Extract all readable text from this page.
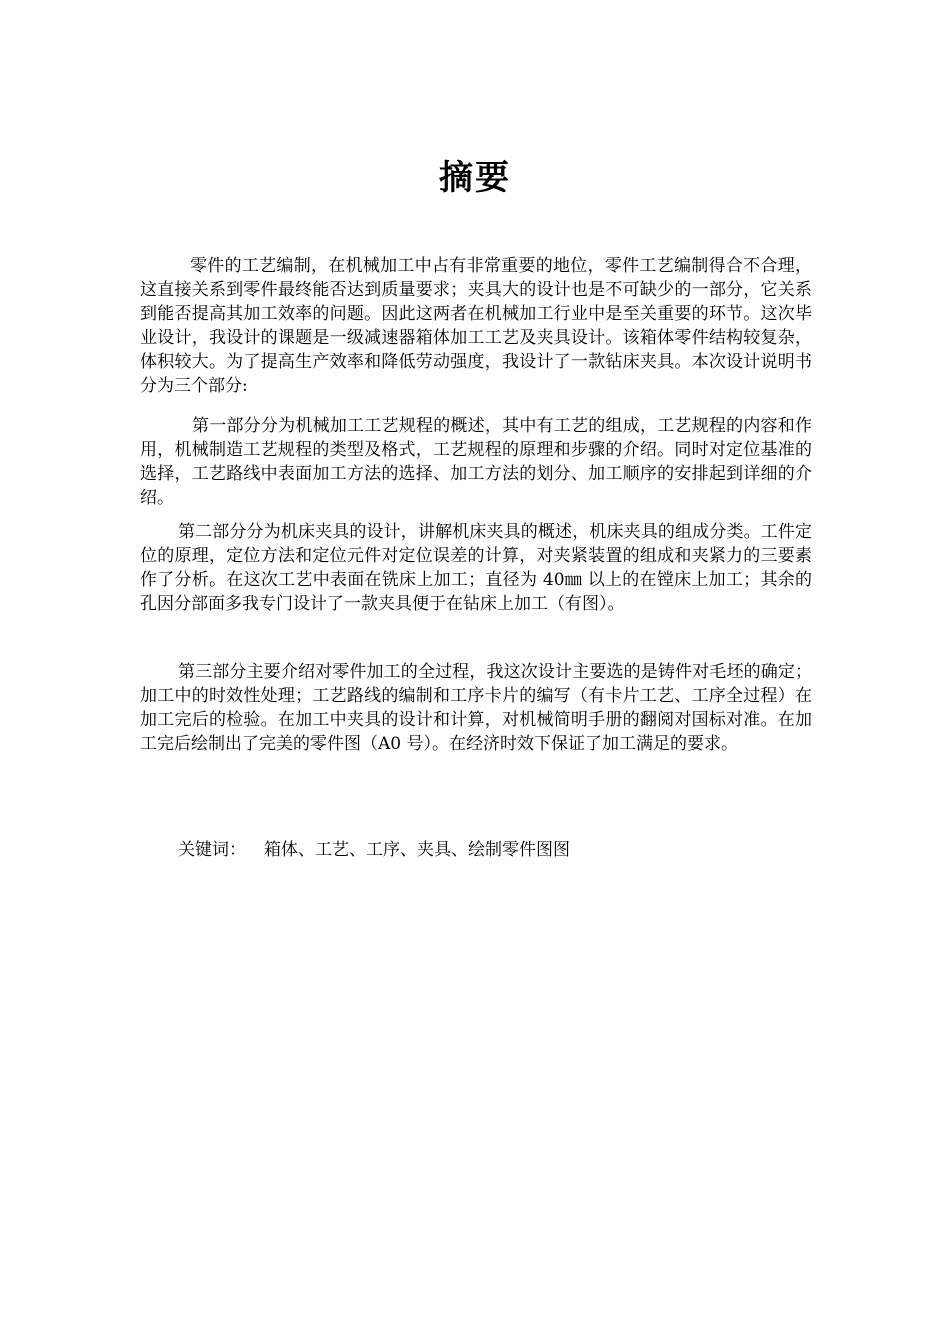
摘要

零件的工艺编制，在机械加工中占有非常重要的地位，零件工艺编制得合不合理，这直接关系到零件最终能否达到质量要求；夹具大的设计也是不可缺少的一部分，它关系到能否提高其加工效率的问题。因此这两者在机械加工行业中是至关重要的环节。这次毕业设计，我设计的课题是一级减速器箱体加工工艺及夹具设计。该箱体零件结构较复杂，体积较大。为了提高生产效率和降低劳动强度，我设计了一款钻床夹具。本次设计说明书分为三个部分:

第一部分分为机械加工工艺规程的概述，其中有工艺的组成，工艺规程的内容和作用，机械制造工艺规程的类型及格式，工艺规程的原理和步骤的介绍。同时对定位基准的选择，工艺路线中表面加工方法的选择、加工方法的划分、加工顺序的安排起到详细的介绍。

第二部分分为机床夹具的设计，讲解机床夹具的概述，机床夹具的组成分类。工件定位的原理，定位方法和定位元件对定位误差的计算，对夹紧装置的组成和夹紧力的三要素作了分析。在这次工艺中表面在铣床上加工；直径为 40㎜ 以上的在镗床上加工；其余的孔因分部面多我专门设计了一款夹具便于在钻床上加工（有图）。

第三部分主要介绍对零件加工的全过程，我这次设计主要选的是铸件对毛坯的确定；加工中的时效性处理；工艺路线的编制和工序卡片的编写（有卡片工艺、工序全过程）在加工完后的检验。在加工中夹具的设计和计算，对机械简明手册的翻阅对国标对准。在加工完后绘制出了完美的零件图（A0 号）。在经济时效下保证了加工满足的要求。

关键词： 箱体、工艺、工序、夹具、绘制零件图图
